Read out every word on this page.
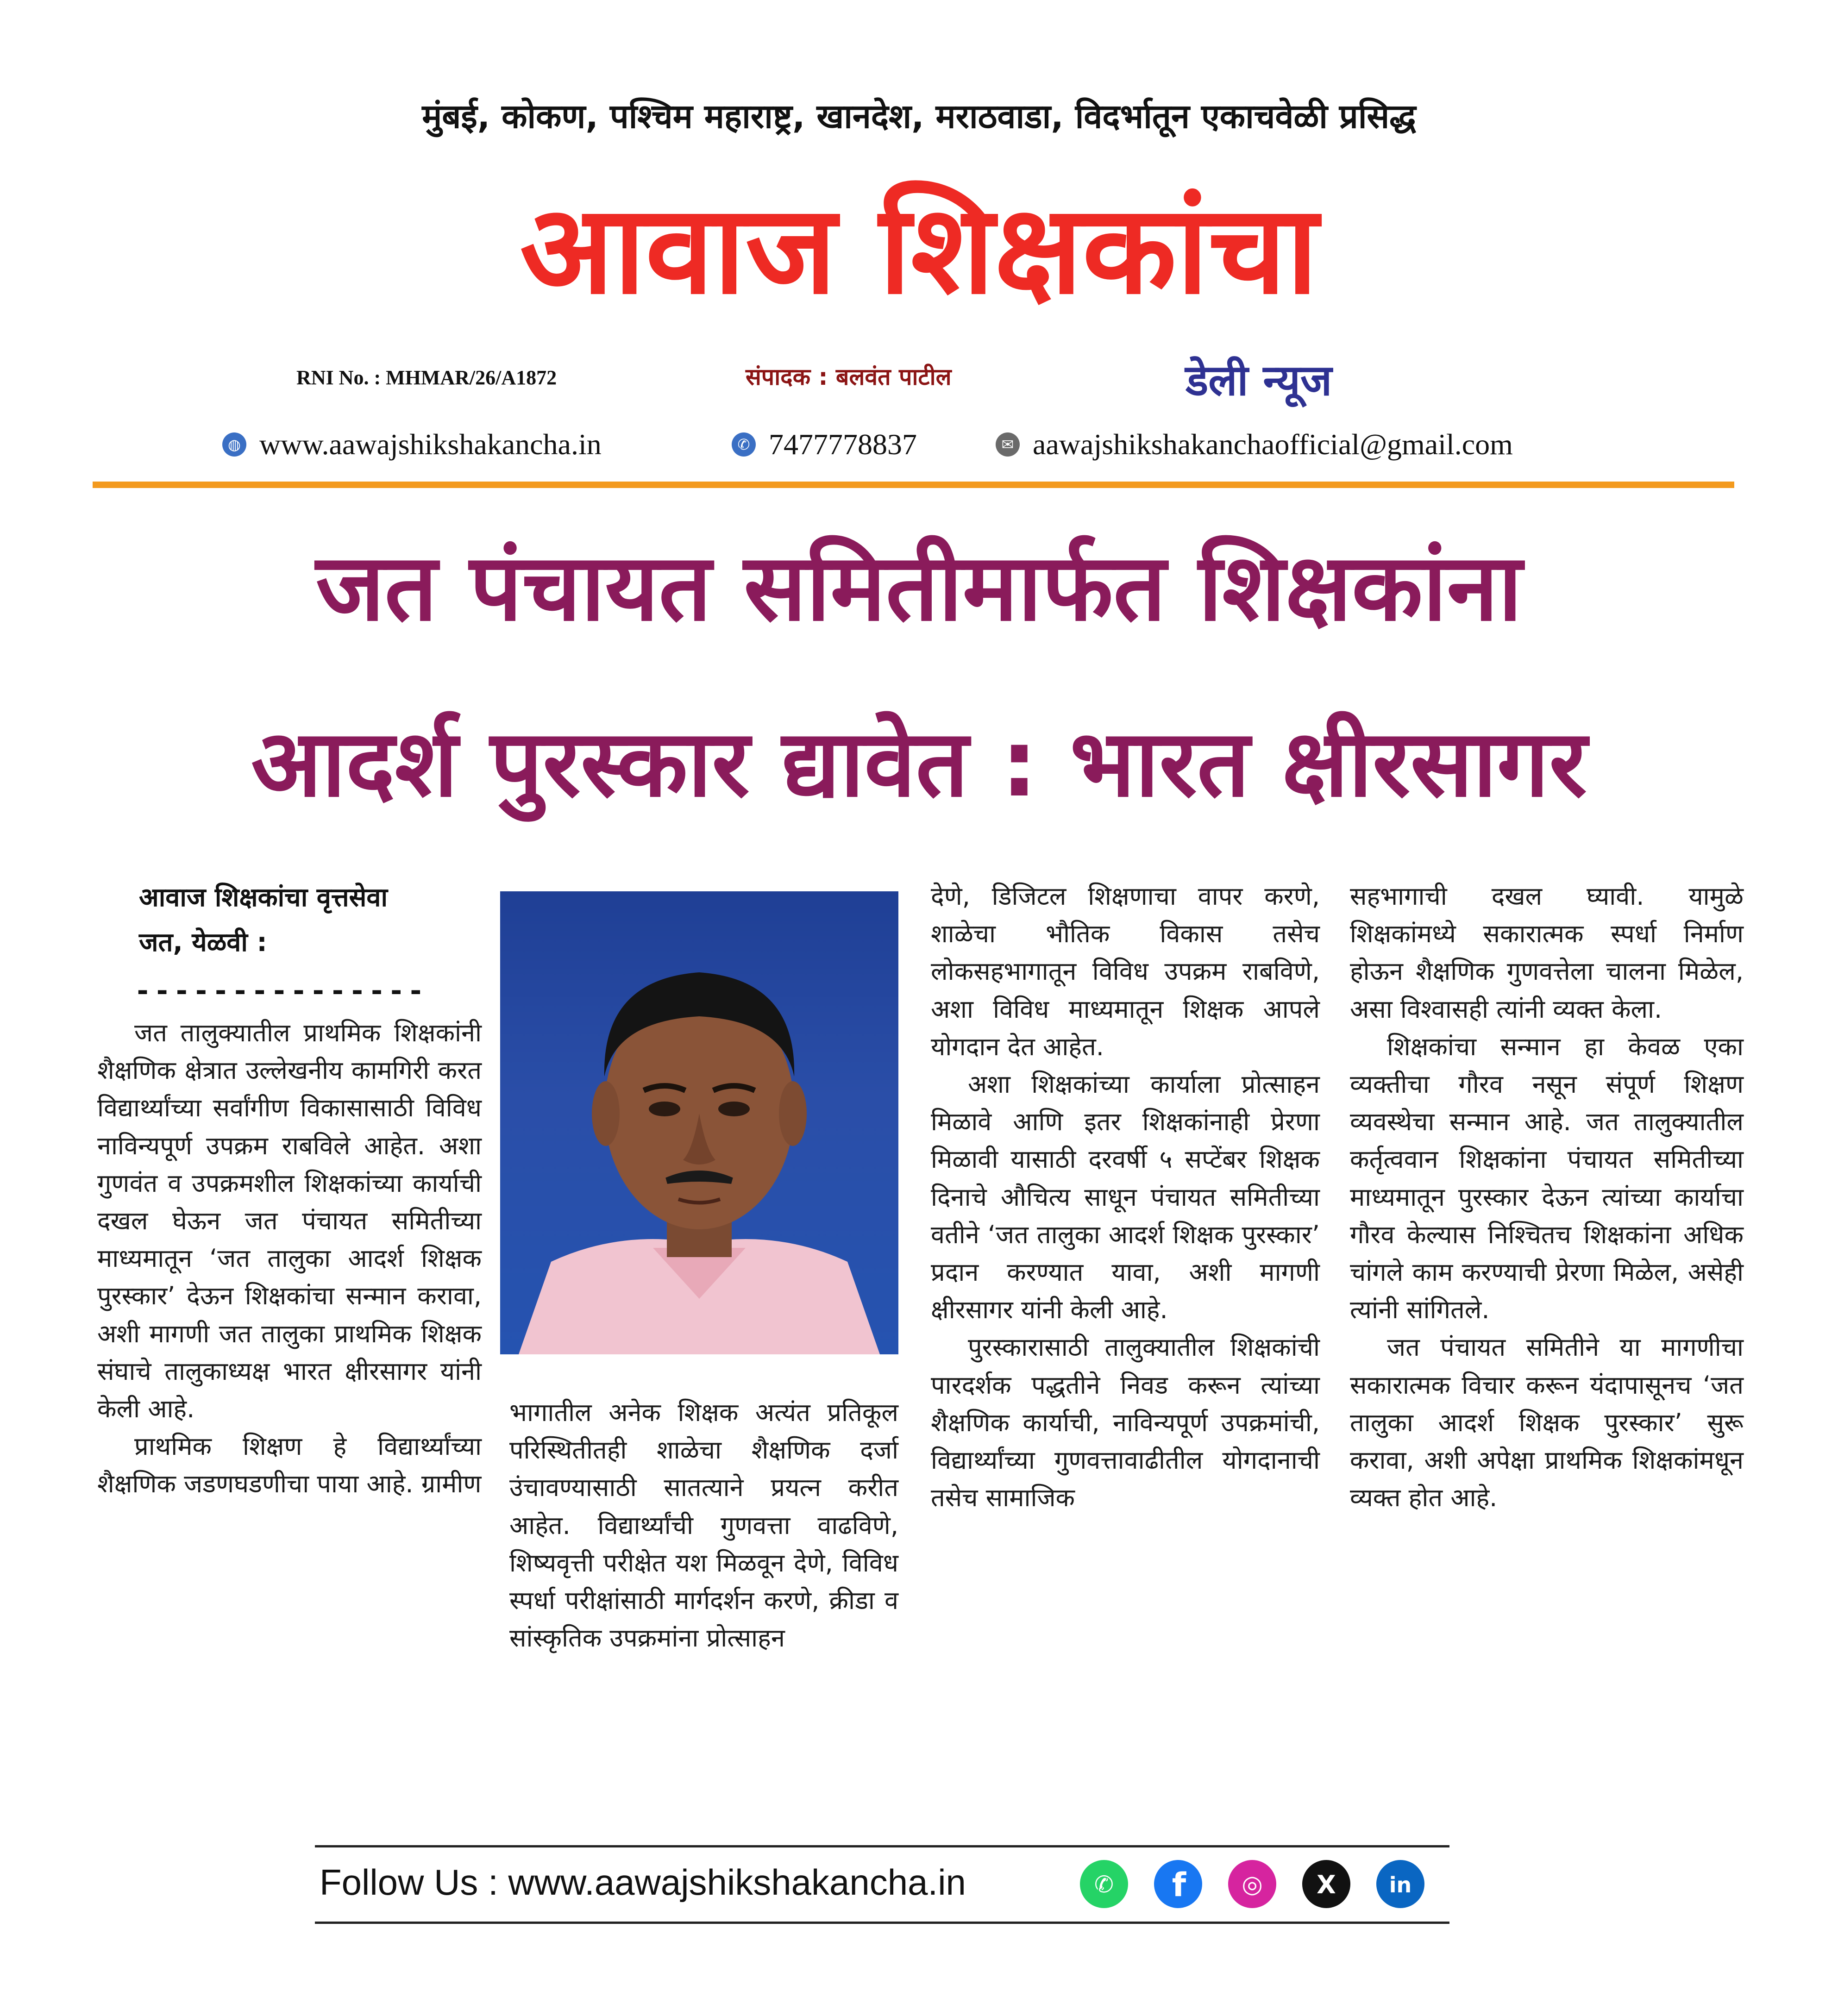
मुंबई, कोकण, पश्चिम महाराष्ट्र, खानदेश, मराठवाडा, विदर्भातून एकाचवेळी प्रसिद्ध
आवाज शिक्षकांचा
RNI No. : MHMAR/26/A1872	संपादक : बलवंत पाटील	डेली न्यूज
◍ www.aawajshikshakancha.in	✆ 7477778837	✉ aawajshikshakanchaofficial@gmail.com
जत पंचायत समितीमार्फत शिक्षकांना
आदर्श पुरस्कार द्यावेत : भारत क्षीरसागर
आवाज शिक्षकांचा वृत्तसेवा
जत, येळवी :
---------------

जत तालुक्यातील प्राथमिक शिक्षकांनी शैक्षणिक क्षेत्रात उल्लेखनीय कामगिरी करत विद्यार्थ्यांच्या सर्वांगीण विकासासाठी विविध नाविन्यपूर्ण उपक्रम राबविले आहेत. अशा गुणवंत व उपक्रमशील शिक्षकांच्या कार्याची दखल घेऊन जत पंचायत समितीच्या माध्यमातून ‘जत तालुका आदर्श शिक्षक पुरस्कार’ देऊन शिक्षकांचा सन्मान करावा, अशी मागणी जत तालुका प्राथमिक शिक्षक संघाचे तालुकाध्यक्ष भारत क्षीरसागर यांनी केली आहे.

प्राथमिक शिक्षण हे विद्यार्थ्यांच्या शैक्षणिक जडणघडणीचा पाया आहे. ग्रामीण

भागातील अनेक शिक्षक अत्यंत प्रतिकूल परिस्थितीतही शाळेचा शैक्षणिक दर्जा उंचावण्यासाठी सातत्याने प्रयत्न करीत आहेत. विद्यार्थ्यांची गुणवत्ता वाढविणे, शिष्यवृत्ती परीक्षेत यश मिळवून देणे, विविध स्पर्धा परीक्षांसाठी मार्गदर्शन करणे, क्रीडा व सांस्कृतिक उपक्रमांना प्रोत्साहन

देणे, डिजिटल शिक्षणाचा वापर करणे, शाळेचा भौतिक विकास तसेच लोकसहभागातून विविध उपक्रम राबविणे, अशा विविध माध्यमातून शिक्षक आपले योगदान देत आहेत.

अशा शिक्षकांच्या कार्याला प्रोत्साहन मिळावे आणि इतर शिक्षकांनाही प्रेरणा मिळावी यासाठी दरवर्षी ५ सप्टेंबर शिक्षक दिनाचे औचित्य साधून पंचायत समितीच्या वतीने ‘जत तालुका आदर्श शिक्षक पुरस्कार’ प्रदान करण्यात यावा, अशी मागणी क्षीरसागर यांनी केली आहे.

पुरस्कारासाठी तालुक्यातील शिक्षकांची पारदर्शक पद्धतीने निवड करून त्यांच्या शैक्षणिक कार्याची, नाविन्यपूर्ण उपक्रमांची, विद्यार्थ्यांच्या गुणवत्तावाढीतील योगदानाची तसेच सामाजिक

सहभागाची दखल घ्यावी. यामुळे शिक्षकांमध्ये सकारात्मक स्पर्धा निर्माण होऊन शैक्षणिक गुणवत्तेला चालना मिळेल, असा विश्वासही त्यांनी व्यक्त केला.

शिक्षकांचा सन्मान हा केवळ एका व्यक्तीचा गौरव नसून संपूर्ण शिक्षण व्यवस्थेचा सन्मान आहे. जत तालुक्यातील कर्तृत्ववान शिक्षकांना पंचायत समितीच्या माध्यमातून पुरस्कार देऊन त्यांच्या कार्याचा गौरव केल्यास निश्चितच शिक्षकांना अधिक चांगले काम करण्याची प्रेरणा मिळेल, असेही त्यांनी सांगितले.

जत पंचायत समितीने या मागणीचा सकारात्मक विचार करून यंदापासूनच ‘जत तालुका आदर्श शिक्षक पुरस्कार’ सुरू करावा, अशी अपेक्षा प्राथमिक शिक्षकांमधून व्यक्त होत आहे.

Follow Us : www.aawajshikshakancha.in	✆ f ◎ X in
